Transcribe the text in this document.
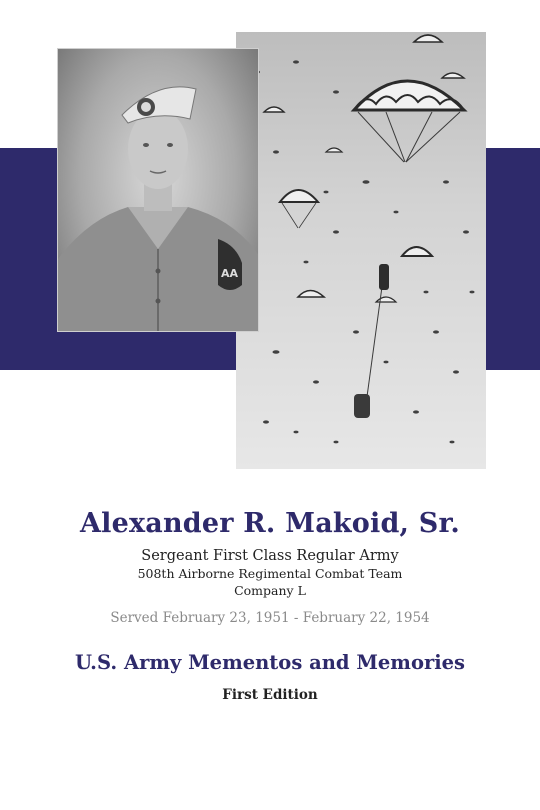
AA
Alexander R. Makoid, Sr.
Sergeant First Class Regular Army
508th Airborne Regimental Combat Team
Company L
Served February 23, 1951 - February 22, 1954
U.S. Army Mementos and Memories
First Edition
